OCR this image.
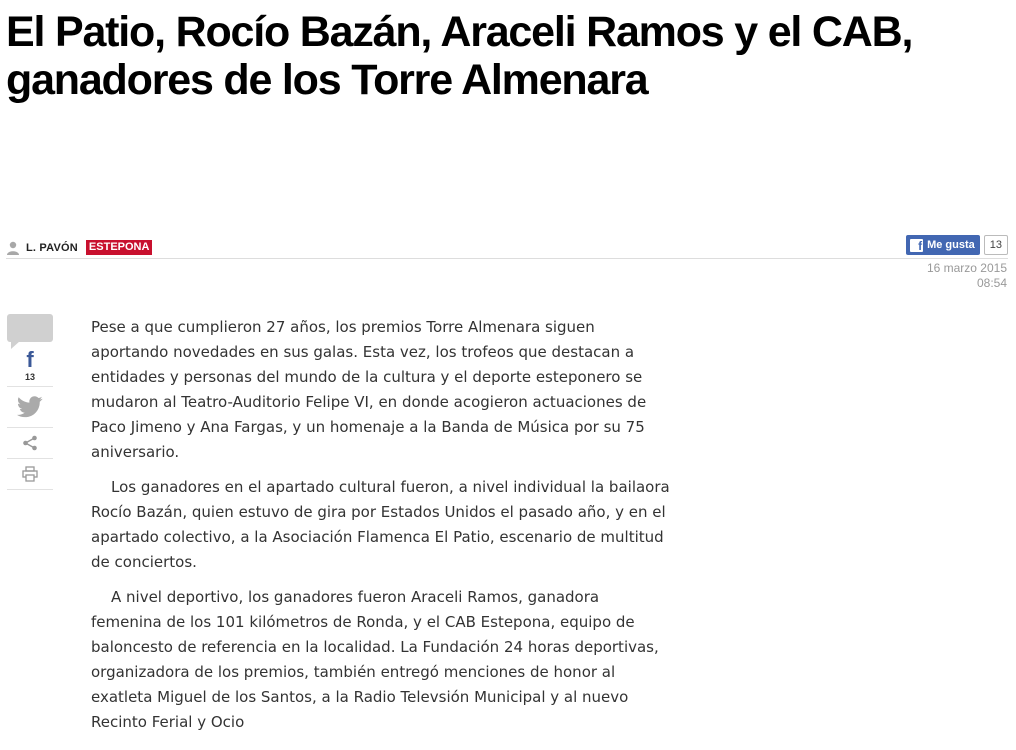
El Patio, Rocío Bazán, Araceli Ramos y el CAB, ganadores de los Torre Almenara
L. PAVÓN ESTEPONA	f Me gusta	13
16 marzo 2015
08:54
f
13

Pese a que cumplieron 27 años, los premios Torre Almenara siguen aportando novedades en sus galas. Esta vez, los trofeos que destacan a entidades y personas del mundo de la cultura y el deporte esteponero se mudaron al Teatro-Auditorio Felipe VI, en donde acogieron actuaciones de Paco Jimeno y Ana Fargas, y un homenaje a la Banda de Música por su 75 aniversario.

Los ganadores en el apartado cultural fueron, a nivel individual la bailaora Rocío Bazán, quien estuvo de gira por Estados Unidos el pasado año, y en el apartado colectivo, a la Asociación Flamenca El Patio, escenario de multitud de conciertos.

A nivel deportivo, los ganadores fueron Araceli Ramos, ganadora femenina de los 101 kilómetros de Ronda, y el CAB Estepona, equipo de baloncesto de referencia en la localidad. La Fundación 24 horas deportivas, organizadora de los premios, también entregó menciones de honor al exatleta Miguel de los Santos, a la Radio Televsión Municipal y al nuevo Recinto Ferial y Ocio
